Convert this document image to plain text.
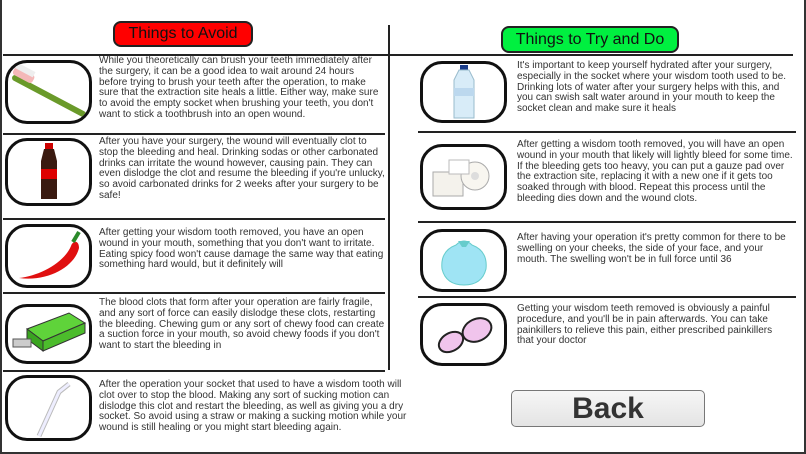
Things to Avoid	Things to Try and Do
While you theoretically can brush your teeth immediately after the surgery, it can be a good idea to wait around 24 hours before trying to brush your teeth after the operation, to make sure that the extraction site heals a little. Either way, make sure to avoid the empty socket when brushing your teeth, you don't want to stick a toothbrush into an open wound.
After you have your surgery, the wound will eventually clot to stop the bleeding and heal. Drinking sodas or other carbonated drinks can irritate the wound however, causing pain. They can even dislodge the clot and resume the bleeding if you're unlucky, so avoid carbonated drinks for 2 weeks after your surgery to be safe!
After getting your wisdom tooth removed, you have an open wound in your mouth, something that you don't want to irritate. Eating spicy food won't cause damage the same way that eating something hard would, but it definitely will
The blood clots that form after your operation are fairly fragile, and any sort of force can easily dislodge these clots, restarting the bleeding. Chewing gum or any sort of chewy food can create a suction force in your mouth, so avoid chewy foods if you don't want to start the bleeding in
After the operation your socket that used to have a wisdom tooth will clot over to stop the blood. Making any sort of sucking motion can dislodge this clot and restart the bleeding, as well as giving you a dry socket. So avoid using a straw or making a sucking motion while your wound is still healing or you might start bleeding again.
It's important to keep yourself hydrated after your surgery, especially in the socket where your wisdom tooth used to be. Drinking lots of water after your surgery helps with this, and you can swish salt water around in your mouth to keep the socket clean and make sure it heals
After getting a wisdom tooth removed, you will have an open wound in your mouth that likely will lightly bleed for some time. If the bleeding gets too heavy, you can put a gauze pad over the extraction site, replacing it with a new one if it gets too soaked through with blood. Repeat this process until the bleeding dies down and the wound clots.
After having your operation it's pretty common for there to be swelling on your cheeks, the side of your face, and your mouth. The swelling won't be in full force until 36
Getting your wisdom teeth removed is obviously a painful procedure, and you'll be in pain afterwards. You can take painkillers to relieve this pain, either prescribed painkillers that your doctor
Back
